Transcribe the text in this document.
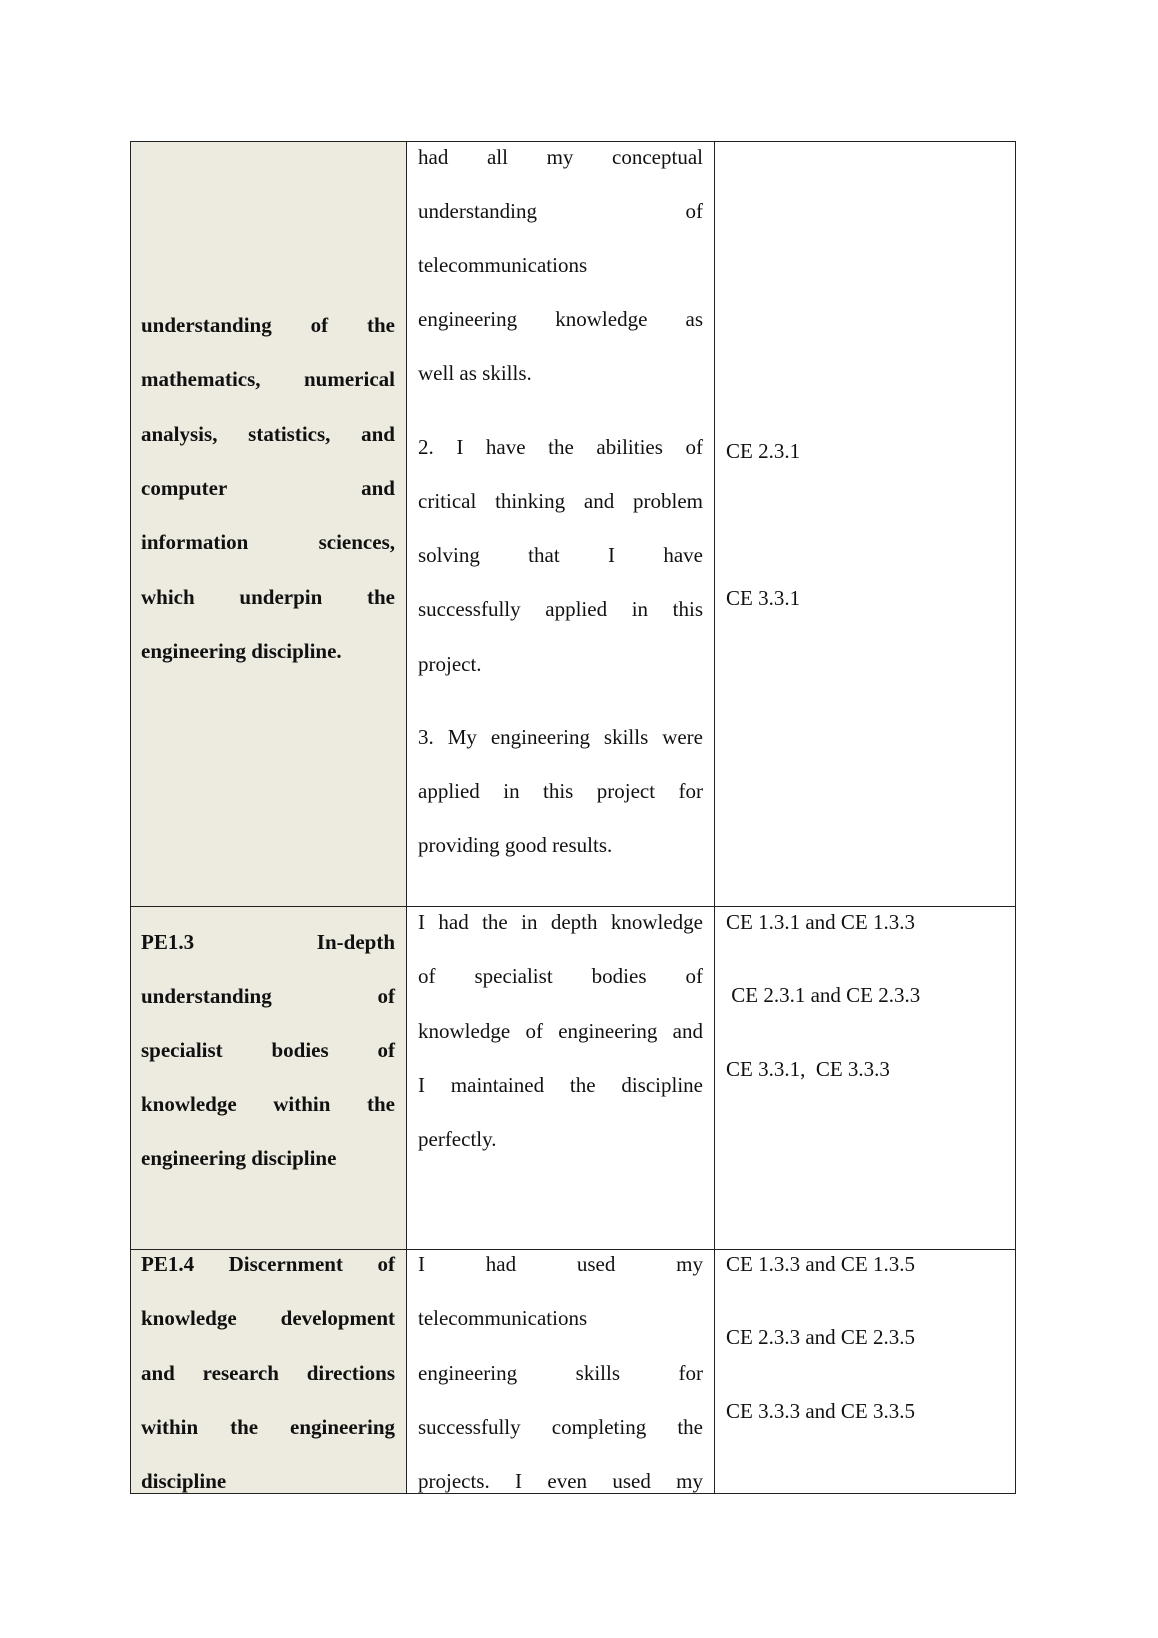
understanding of the
mathematics, numerical
analysis, statistics, and
computer and
information sciences,
which underpin the
engineering discipline.
had all my conceptual
understanding of
telecommunications
engineering knowledge as
well as skills.
2. I have the abilities of
critical thinking and problem
solving that I have
successfully applied in this
project.
3. My engineering skills were
applied in this project for
providing good results.
CE 2.3.1
CE 3.3.1
PE1.3 In-depth
understanding of
specialist bodies of
knowledge within the
engineering discipline
I had the in depth knowledge
of specialist bodies of
knowledge of engineering and
I maintained the discipline
perfectly.
CE 1.3.1 and CE 1.3.3
CE 2.3.1 and CE 2.3.3
CE 3.3.1,  CE 3.3.3
PE1.4 Discernment of
knowledge development
and research directions
within the engineering
discipline
I had used my
telecommunications
engineering skills for
successfully completing the
projects. I even used my
CE 1.3.3 and CE 1.3.5
CE 2.3.3 and CE 2.3.5
CE 3.3.3 and CE 3.3.5
